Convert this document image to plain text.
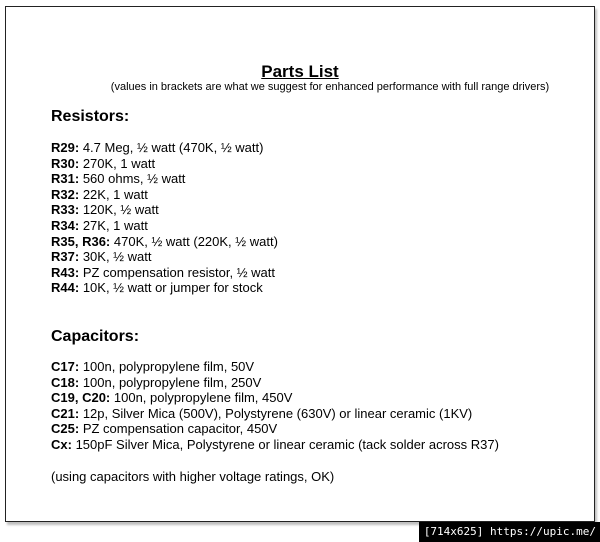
Parts List
(values in brackets are what we suggest for enhanced performance with full range drivers)
Resistors:
R29: 4.7 Meg, ½ watt (470K, ½ watt)
R30: 270K, 1 watt
R31: 560 ohms, ½ watt
R32: 22K, 1 watt
R33: 120K, ½ watt
R34: 27K, 1 watt
R35, R36: 470K, ½ watt (220K, ½ watt)
R37: 30K, ½ watt
R43: PZ compensation resistor, ½ watt
R44: 10K, ½ watt or jumper for stock
Capacitors:
C17: 100n, polypropylene film, 50V
C18: 100n, polypropylene film, 250V
C19, C20: 100n, polypropylene film, 450V
C21: 12p, Silver Mica (500V), Polystyrene (630V) or linear ceramic (1KV)
C25: PZ compensation capacitor, 450V
Cx: 150pF Silver Mica, Polystyrene or linear ceramic (tack solder across R37)
(using capacitors with higher voltage ratings, OK)
[714x625] https://upic.me/
